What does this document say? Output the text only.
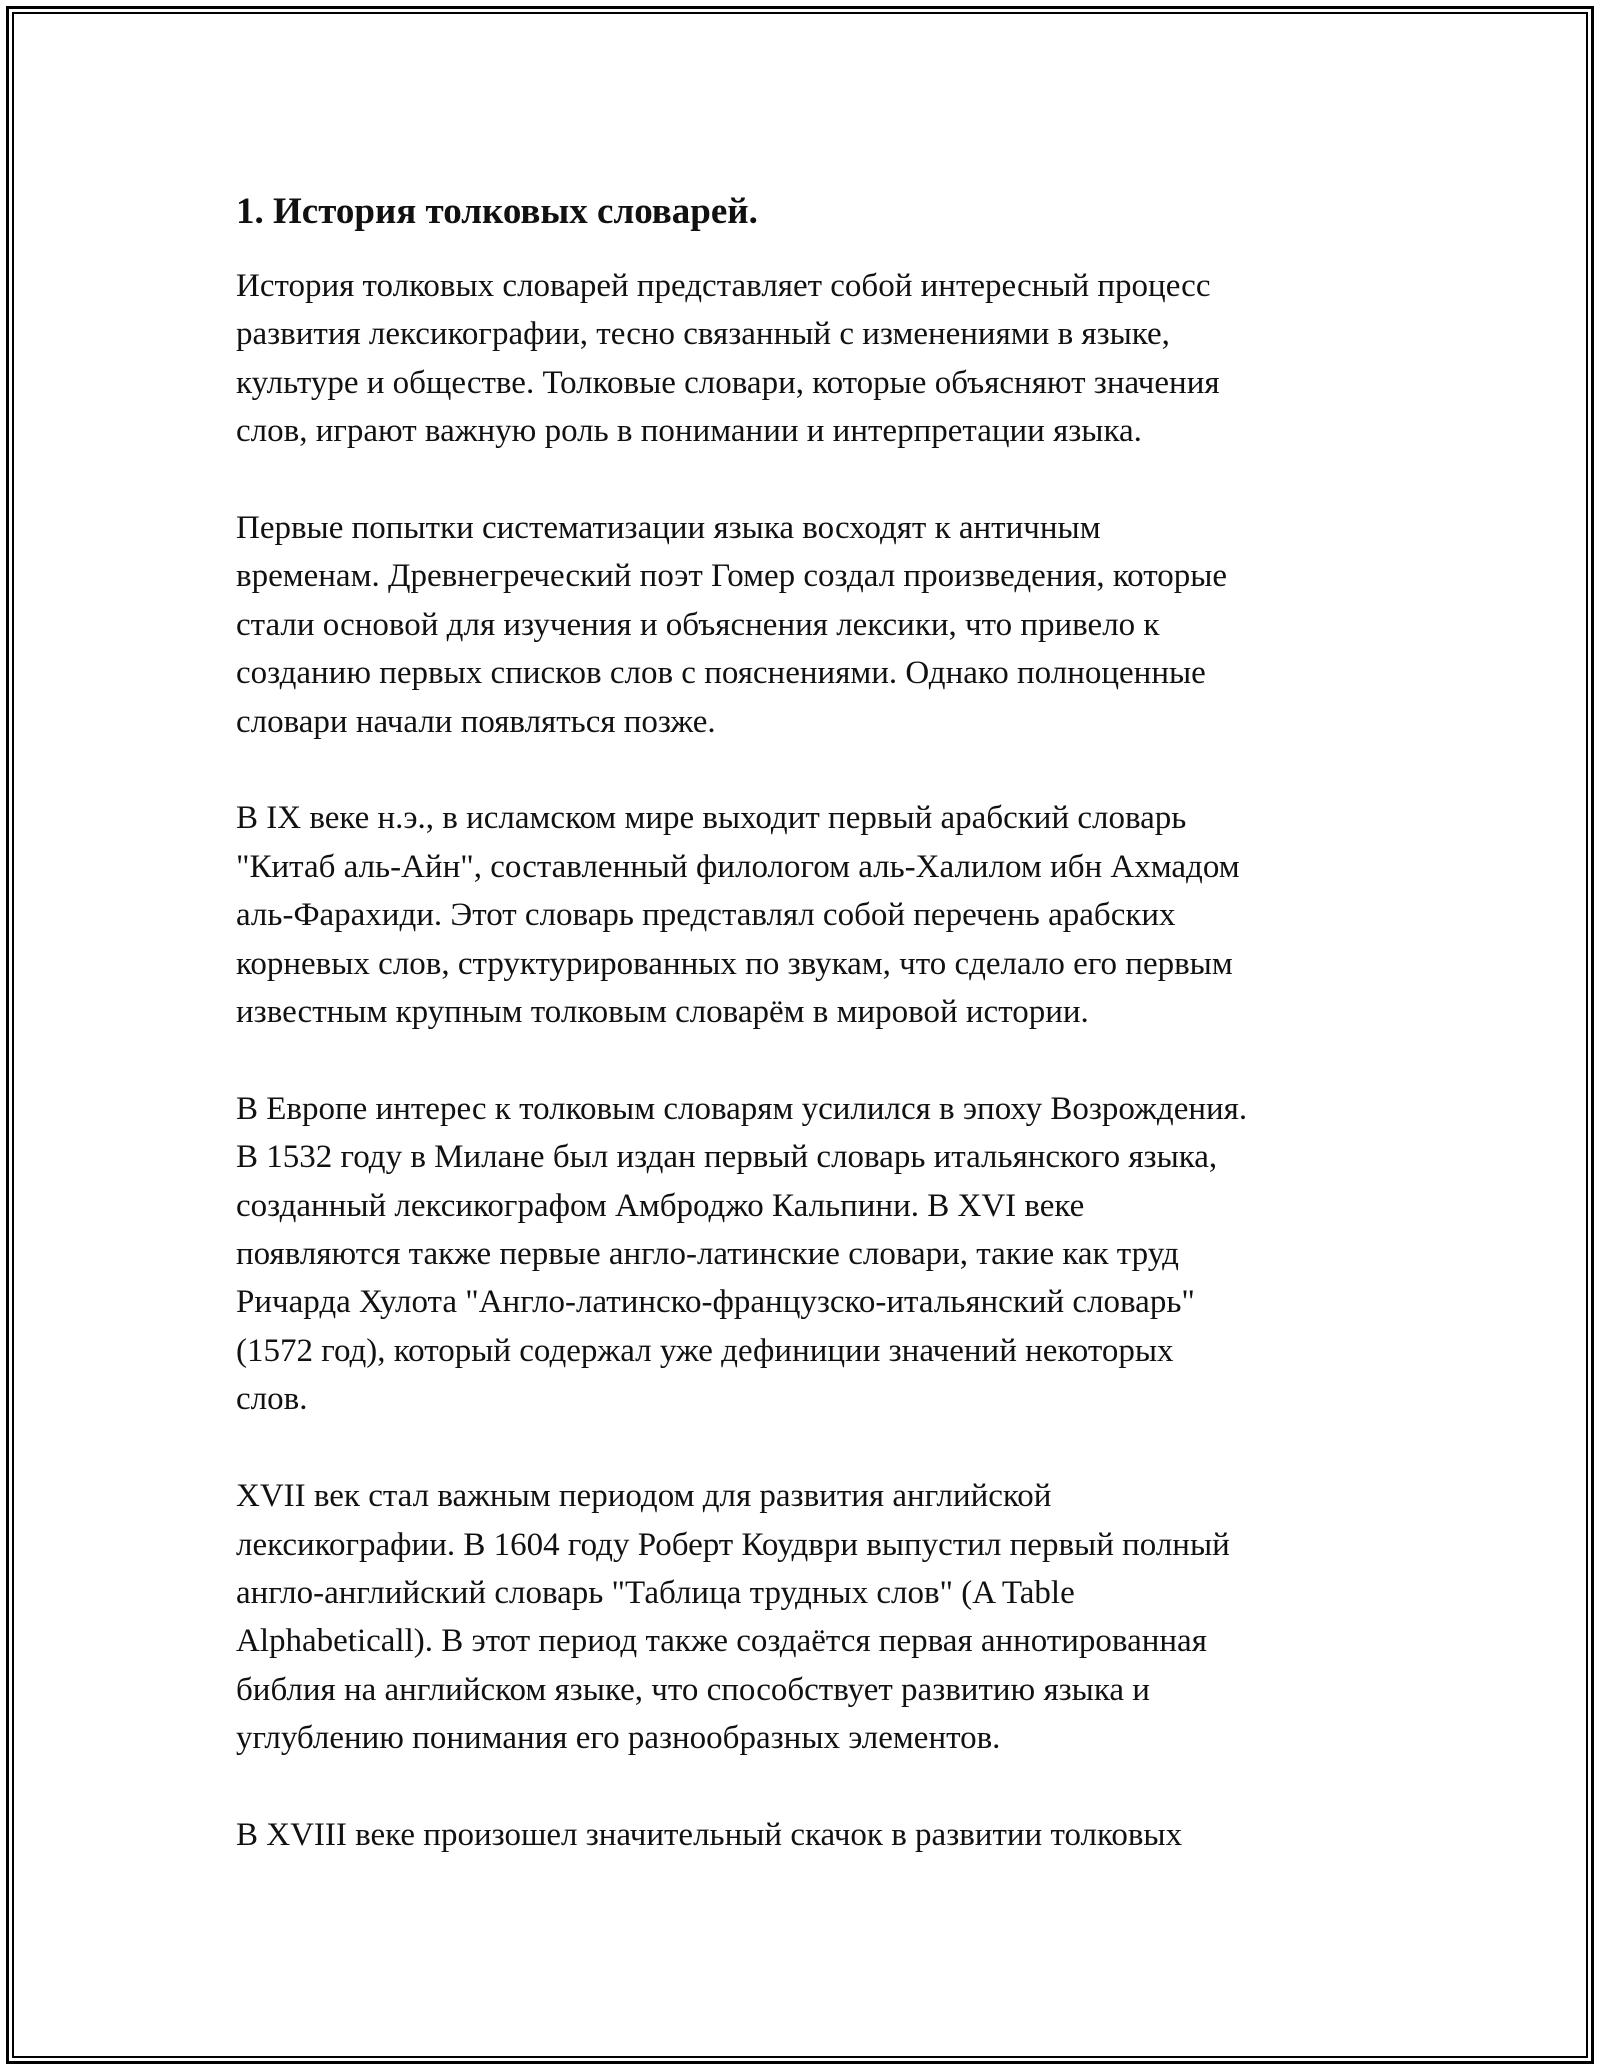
1. История толковых словарей.
История толковых словарей представляет собой интересный процесс
развития лексикографии, тесно связанный с изменениями в языке,
культуре и обществе. Толковые словари, которые объясняют значения
слов, играют важную роль в понимании и интерпретации языка.
Первые попытки систематизации языка восходят к античным
временам. Древнегреческий поэт Гомер создал произведения, которые
стали основой для изучения и объяснения лексики, что привело к
созданию первых списков слов с пояснениями. Однако полноценные
словари начали появляться позже.
В IX веке н.э., в исламском мире выходит первый арабский словарь
"Китаб аль-Айн", составленный филологом аль-Халилом ибн Ахмадом
аль-Фарахиди. Этот словарь представлял собой перечень арабских
корневых слов, структурированных по звукам, что сделало его первым
известным крупным толковым словарём в мировой истории.
В Европе интерес к толковым словарям усилился в эпоху Возрождения.
В 1532 году в Милане был издан первый словарь итальянского языка,
созданный лексикографом Амброджо Кальпини. В XVI веке
появляются также первые англо-латинские словари, такие как труд
Ричарда Хулота "Англо-латинско-французско-итальянский словарь"
(1572 год), который содержал уже дефиниции значений некоторых
слов.
XVII век стал важным периодом для развития английской
лексикографии. В 1604 году Роберт Коудври выпустил первый полный
англо-английский словарь "Таблица трудных слов" (A Table
Alphabeticall). В этот период также создаётся первая аннотированная
библия на английском языке, что способствует развитию языка и
углублению понимания его разнообразных элементов.
В XVIII веке произошел значительный скачок в развитии толковых
